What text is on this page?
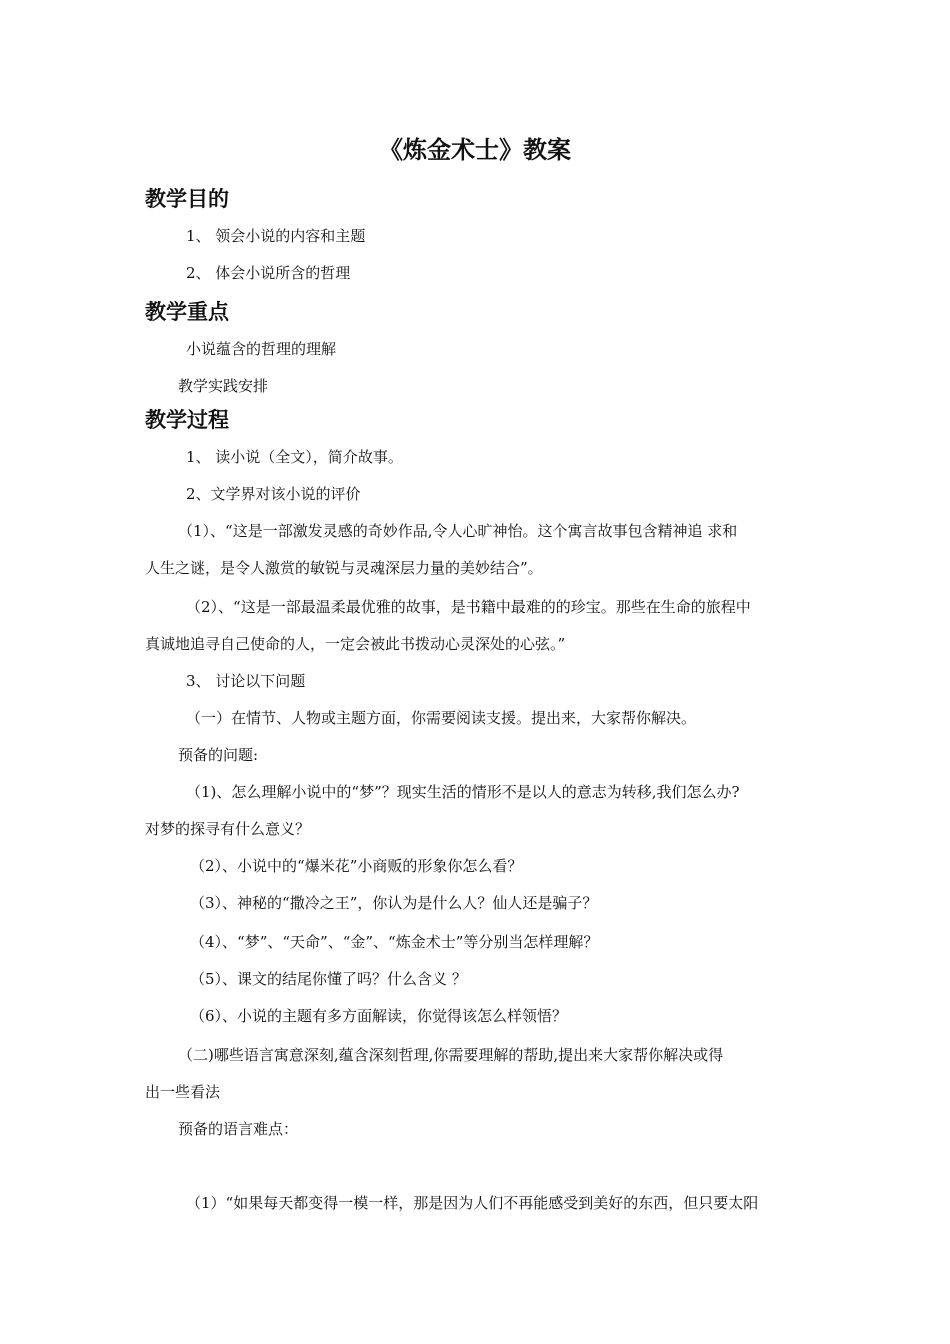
《炼金术士》教案
教学目的

1、 领会小说的内容和主题

2、 体会小说所含的哲理

教学重点

小说蕴含的哲理的理解

教学实践安排

教学过程

1、 读小说（全文），简介故事。

2、文学界对该小说的评价

（1）、“这是一部激发灵感的奇妙作品,令人心旷神怡。这个寓言故事包含精神追 求和

人生之谜，是令人激赏的敏锐与灵魂深层力量的美妙结合”。

（2）、“这是一部最温柔最优雅的故事，是书籍中最难的的珍宝。那些在生命的旅程中

真诚地追寻自己使命的人，一定会被此书拨动心灵深处的心弦。”

3、 讨论以下问题

（一）在情节、人物或主题方面，你需要阅读支援。提出来，大家帮你解决。

预备的问题:

（1)、怎么理解小说中的“梦”？现实生活的情形不是以人的意志为转移,我们怎么办?

对梦的探寻有什么意义？

（2）、小说中的“爆米花”小商贩的形象你怎么看？

（3）、神秘的“撒冷之王”，你认为是什么人？仙人还是骗子？

（4）、“梦”、“天命”、“金”、“炼金术士”等分别当怎样理解？

（5）、课文的结尾你懂了吗？什么含义 ？

（6）、小说的主题有多方面解读，你觉得该怎么样领悟？

（二)哪些语言寓意深刻,蕴含深刻哲理,你需要理解的帮助,提出来大家帮你解决或得

出一些看法

预备的语言难点：

（1）“如果每天都变得一模一样，那是因为人们不再能感受到美好的东西，但只要太阳
